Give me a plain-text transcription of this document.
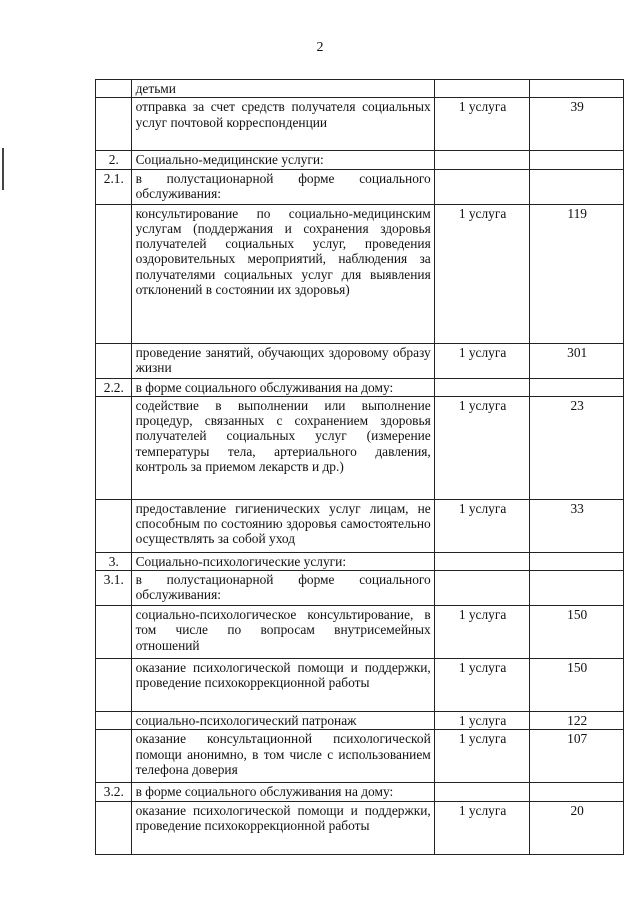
2
	детьми		
	отправка за счет средств получателя социальных услуг почтовой корреспонденции	1 услуга	39
2.	Социально-медицинские услуги:		
2.1.	в полустационарной форме социального обслуживания:		
	консультирование по социально-медицинским услугам (поддержания и сохранения здоровья получателей социальных услуг, проведения оздоровительных мероприятий, наблюдения за получателями социальных услуг для выявления отклонений в состоянии их здоровья)	1 услуга	119
	проведение занятий, обучающих здоровому образу жизни	1 услуга	301
2.2.	в форме социального обслуживания на дому:		
	содействие в выполнении или выполнение процедур, связанных с сохранением здоровья получателей социальных услуг (измерение температуры тела, артериального давления, контроль за приемом лекарств и др.)	1 услуга	23
	предоставление гигиенических услуг лицам, не способным по состоянию здоровья самостоятельно осуществлять за собой уход	1 услуга	33
3.	Социально-психологические услуги:		
3.1.	в полустационарной форме социального обслуживания:		
	социально-психологическое консультирование, в том числе по вопросам внутрисемейных отношений	1 услуга	150
	оказание психологической помощи и поддержки, проведение психокоррекционной работы	1 услуга	150
	социально-психологический патронаж	1 услуга	122
	оказание консультационной психологической помощи анонимно, в том числе с использованием телефона доверия	1 услуга	107
3.2.	в форме социального обслуживания на дому:		
	оказание психологической помощи и поддержки, проведение психокоррекционной работы	1 услуга	20
